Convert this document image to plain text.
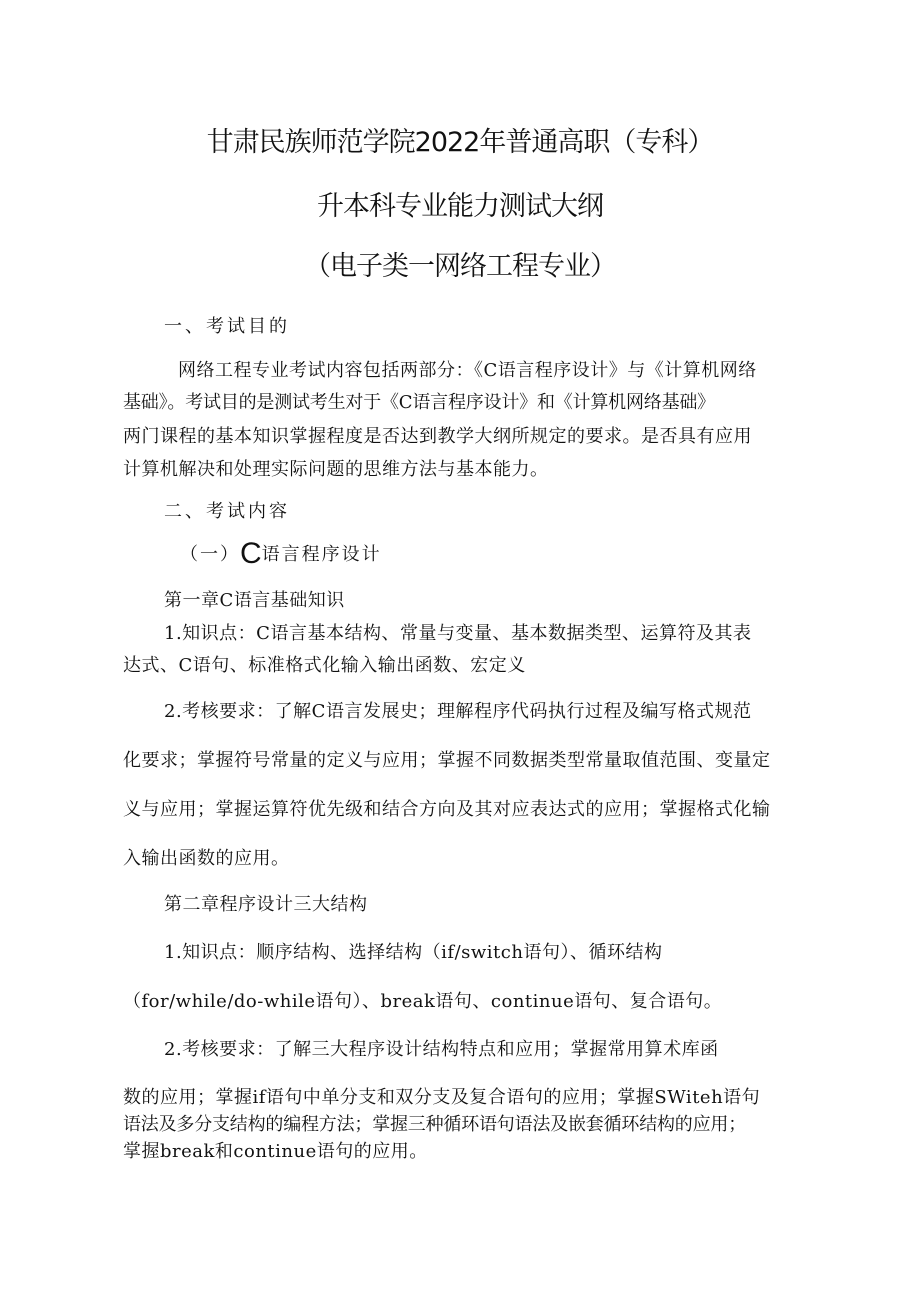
甘肃民族师范学院2022年普通高职（专科）
升本科专业能力测试大纲
（电子类一网络工程专业）
一、考试目的
网络工程专业考试内容包括两部分：《C语言程序设计》与《计算机网络
基础》。考试目的是测试考生对于《C语言程序设计》和《计算机网络基础》
两门课程的基本知识掌握程度是否达到教学大纲所规定的要求。是否具有应用
计算机解决和处理实际问题的思维方法与基本能力。
二、考试内容
（一）C语言程序设计
第一章C语言基础知识
1.知识点：C语言基本结构、常量与变量、基本数据类型、运算符及其表
达式、C语句、标准格式化输入输出函数、宏定义
2.考核要求：了解C语言发展史；理解程序代码执行过程及编写格式规范
化要求；掌握符号常量的定义与应用；掌握不同数据类型常量取值范围、变量定
义与应用；掌握运算符优先级和结合方向及其对应表达式的应用；掌握格式化输
入输出函数的应用。
第二章程序设计三大结构
1.知识点：顺序结构、选择结构（if/switch语句）、循环结构
（for/while/do-while语句）、break语句、continue语句、复合语句。
2.考核要求：了解三大程序设计结构特点和应用；掌握常用算术库函
数的应用；掌握if语句中单分支和双分支及复合语句的应用；掌握SWiteh语句
语法及多分支结构的编程方法；掌握三种循环语句语法及嵌套循环结构的应用；
掌握break和continue语句的应用。
